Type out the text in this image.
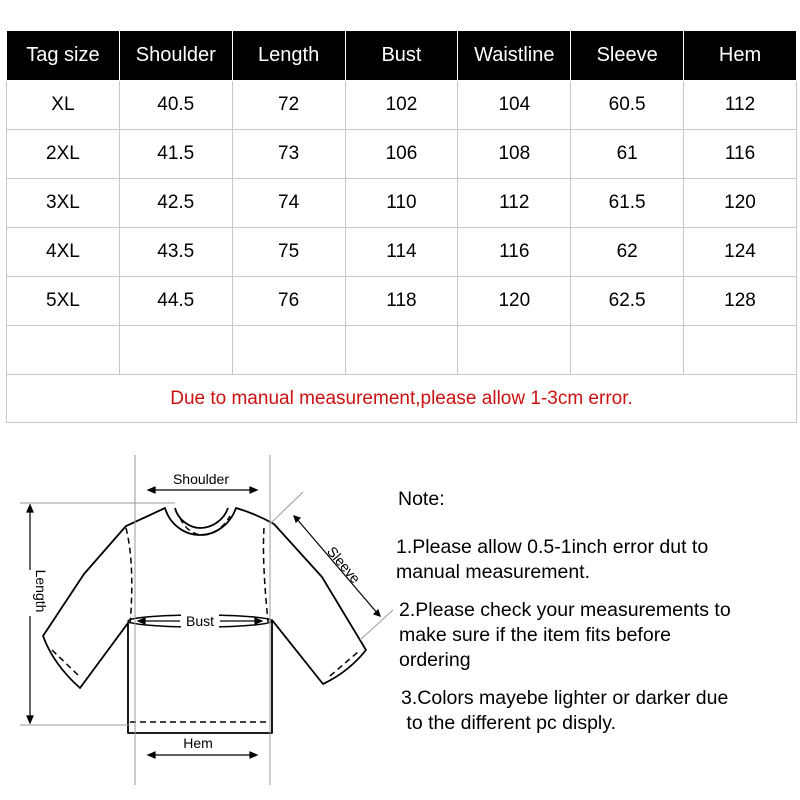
Tag size	Shoulder	Length	Bust	Waistline	Sleeve	Hem
XL	40.5	72	102	104	60.5	112
2XL	41.5	73	106	108	61	116
3XL	42.5	74	110	112	61.5	120
4XL	43.5	75	114	116	62	124
5XL	44.5	76	118	120	62.5	128

Due to manual measurement,please allow 1-3cm error.						
Shoulder
Length
Sleeve
Bust
Hem

Note:

1.Please allow 0.5-1inch error dut to

manual measurement.

2.Please check your measurements to

make sure if the item fits before

ordering

3.Colors mayebe lighter or darker due

to the different pc disply.
